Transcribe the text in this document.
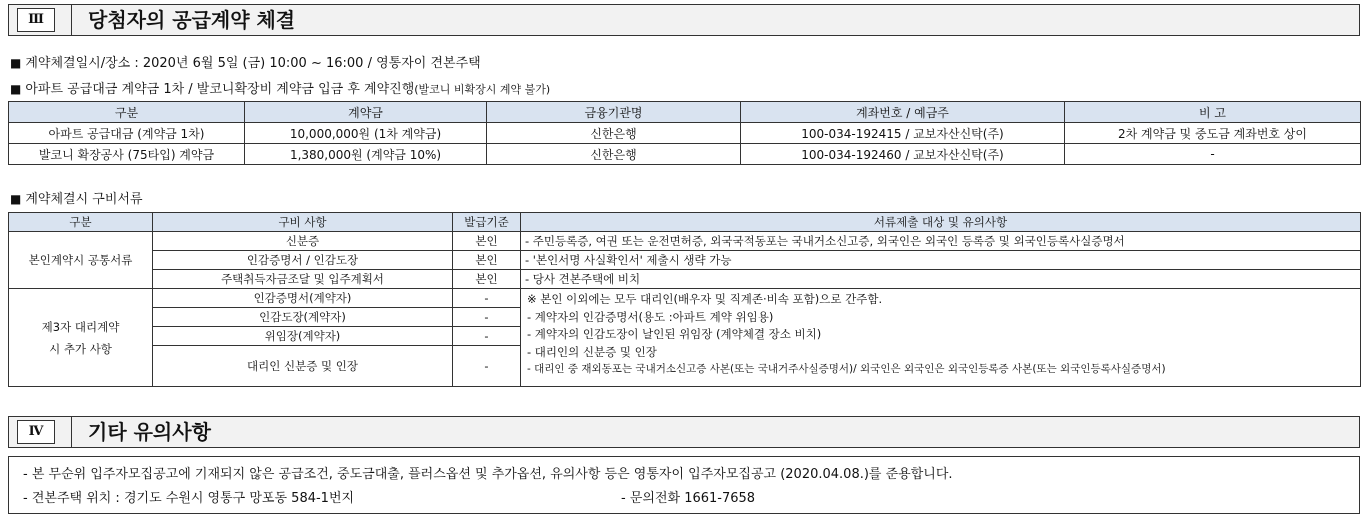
Ⅲ	당첨자의 공급계약 체결
■ 계약체결일시/장소 : 2020년 6월 5일 (금) 10:00 ~ 16:00 / 영통자이 견본주택
■ 아파트 공급대금 계약금 1차 / 발코니확장비 계약금 입금 후 계약진행(발코니 비확장시 계약 불가)
구분	계약금	금융기관명	계좌번호 / 예금주	비 고
아파트 공급대금 (계약금 1차)	10,000,000원 (1차 계약금)	신한은행	100-034-192415 / 교보자산신탁(주)	2차 계약금 및 중도금 계좌번호 상이
발코니 확장공사 (75타입) 계약금	1,380,000원 (계약금 10%)	신한은행	100-034-192460 / 교보자산신탁(주)	-
■ 계약체결시 구비서류
구분	구비 사항	발급기준	서류제출 대상 및 유의사항
본인계약시 공통서류	신분증	본인	- 주민등록증, 여권 또는 운전면허증, 외국국적동포는 국내거소신고증, 외국인은 외국인 등록증 및 외국인등록사실증명서
	인감증명서 / 인감도장	본인	- '본인서명 사실확인서' 제출시 생략 가능
	주택취득자금조달 및 입주계획서	본인	- 당사 견본주택에 비치
제3자 대리계약시 추가 사항	인감증명서(계약자)	-	※ 본인 이외에는 모두 대리인(배우자 및 직계존·비속 포함)으로 간주함.
- 계약자의 인감증명서(용도 :아파트 계약 위임용)
- 계약자의 인감도장이 날인된 위임장 (계약체결 장소 비치)
- 대리인의 신분증 및 인장
- 대리인 중 재외동포는 국내거소신고증 사본(또는 국내거주사실증명서)/ 외국인은 외국인은 외국인등록증 사본(또는 외국인등록사실증명서)

	인감도장(계약자)	-	
	위임장(계약자)	-	
	대리인 신분증 및 인장	-	
Ⅳ	기타 유의사항
- 본 무순위 입주자모집공고에 기재되지 않은 공급조건, 중도금대출, 플러스옵션 및 추가옵션, 유의사항 등은 영통자이 입주자모집공고 (2020.04.08.)를 준용합니다.
- 견본주택 위치 : 경기도 수원시 영통구 망포동 584-1번지	- 문의전화 1661-7658
